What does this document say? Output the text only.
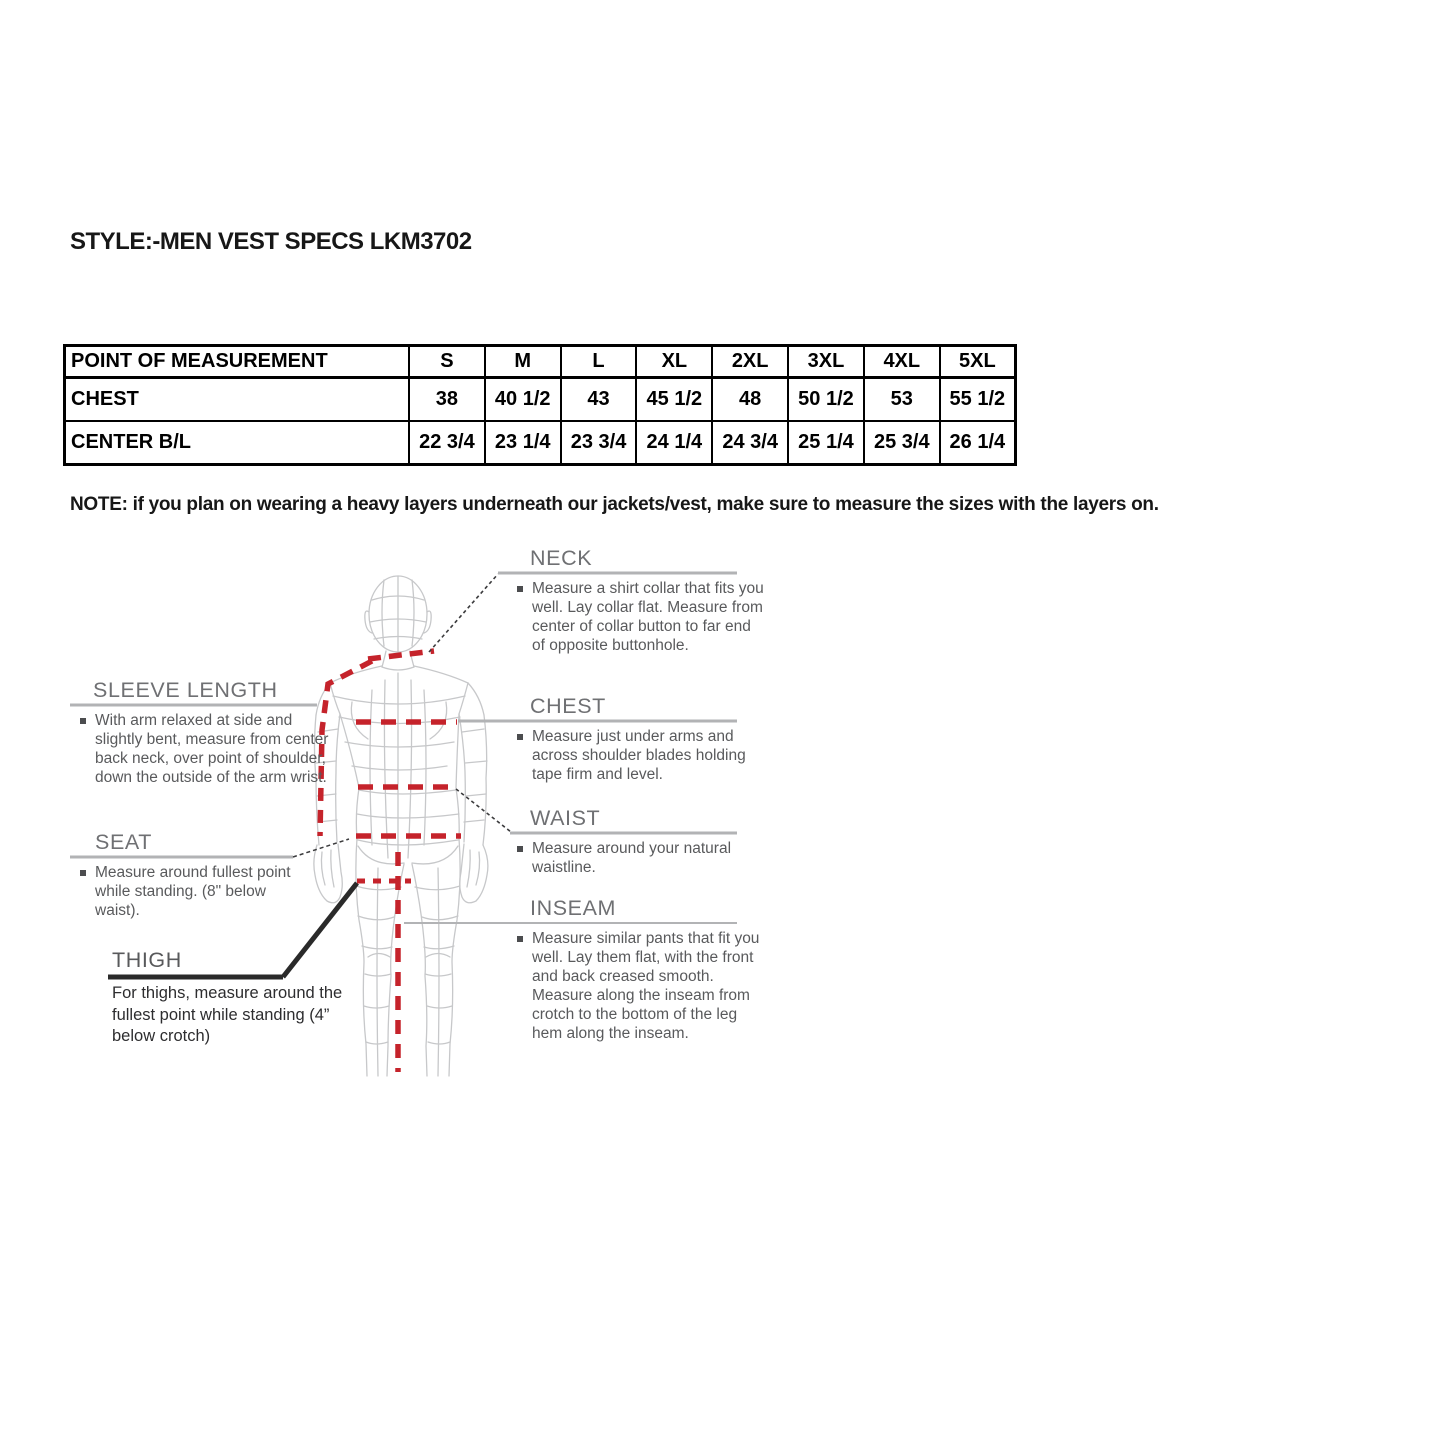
STYLE:-MEN VEST SPECS LKM3702
POINT OF MEASUREMENT	S	M	L	XL	2XL	3XL	4XL	5XL
CHEST	38	40 1/2	43	45 1/2	48	50 1/2	53	55 1/2
CENTER B/L	22 3/4	23 1/4	23 3/4	24 1/4	24 3/4	25 1/4	25 3/4	26 1/4
NOTE: if you plan on wearing a heavy layers underneath our jackets/vest, make sure to measure the sizes with the layers on.
NECK
Measure a shirt collar that fits you well. Lay collar flat. Measure from center of collar button to far end of opposite buttonhole.
CHEST
Measure just under arms and across shoulder blades holding tape firm and level.
WAIST
Measure around your natural waistline.
INSEAM
Measure similar pants that fit you well. Lay them flat, with the front and back creased smooth. Measure along the inseam from crotch to the bottom of the leg hem along the inseam.
SLEEVE LENGTH
With arm relaxed at side and slightly bent, measure from center back neck, over point of shoulder, down the outside of the arm wrist.
SEAT
Measure around fullest point while standing. (8" below waist).
THIGH
For thighs, measure around the fullest point while standing (4” below crotch)
